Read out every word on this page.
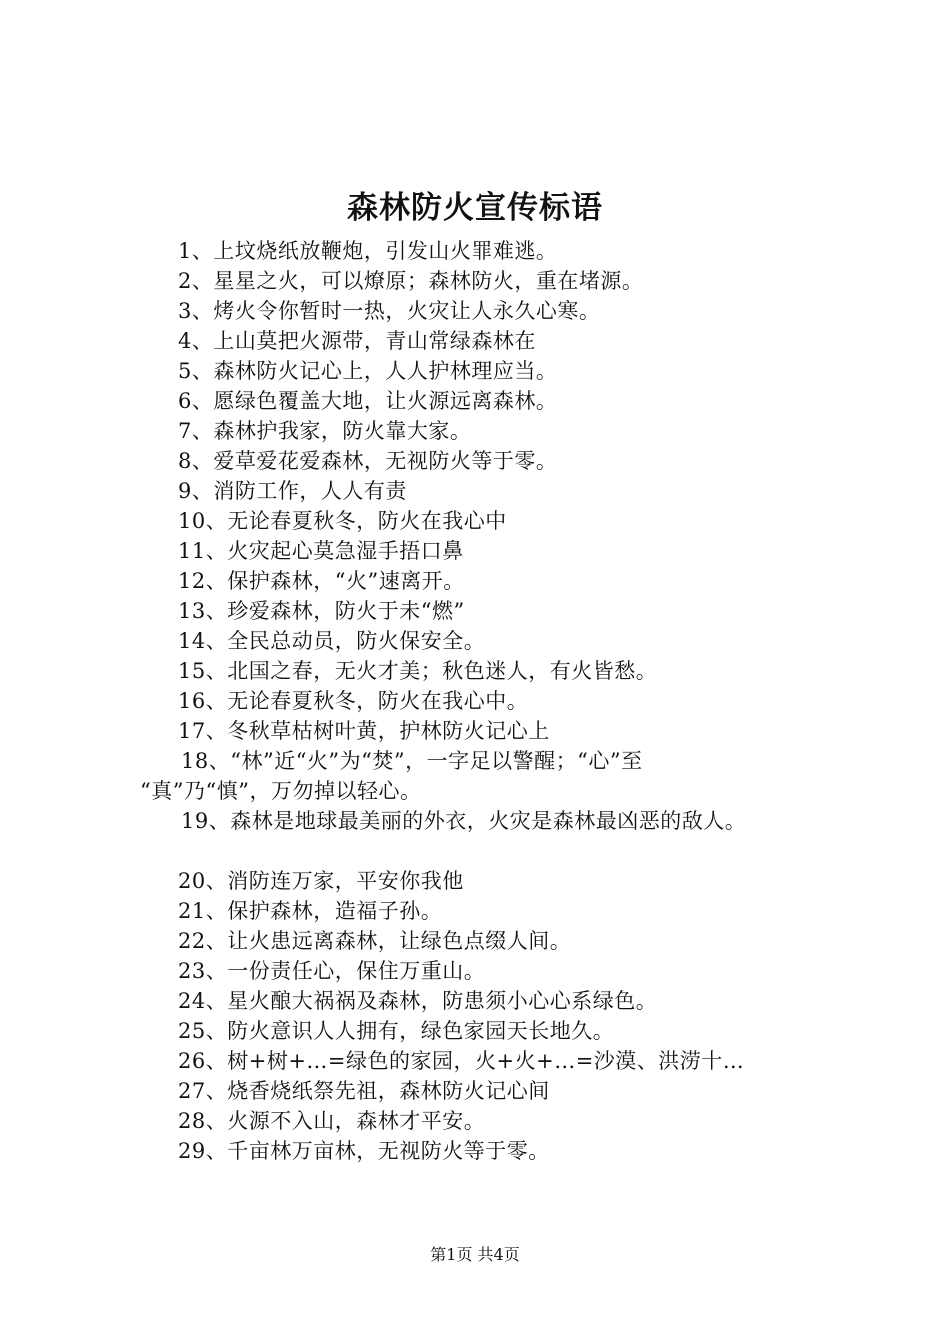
森林防火宣传标语
1、上坟烧纸放鞭炮，引发山火罪难逃。
2、星星之火，可以燎原；森林防火，重在堵源。
3、烤火令你暂时一热，火灾让人永久心寒。
4、上山莫把火源带，青山常绿森林在
5、森林防火记心上，人人护林理应当。
6、愿绿色覆盖大地，让火源远离森林。
7、森林护我家，防火靠大家。
8、爱草爱花爱森林，无视防火等于零。
9、消防工作，人人有责
10、无论春夏秋冬，防火在我心中
11、火灾起心莫急湿手捂口鼻
12、保护森林，“火”速离开。
13、珍爱森林，防火于未“燃”
14、全民总动员，防火保安全。
15、北国之春，无火才美；秋色迷人，有火皆愁。
16、无论春夏秋冬，防火在我心中。
17、冬秋草枯树叶黄，护林防火记心上
18、“林”近“火”为“焚”，一字足以警醒；“心”至
“真”乃“慎”，万勿掉以轻心。
19、森林是地球最美丽的外衣，火灾是森林最凶恶的敌人。
20、消防连万家，平安你我他
21、保护森林，造福子孙。
22、让火患远离森林，让绿色点缀人间。
23、一份责任心，保住万重山。
24、星火酿大祸祸及森林，防患须小心心系绿色。
25、防火意识人人拥有，绿色家园天长地久。
26、树+树+…=绿色的家园，火+火+…=沙漠、洪涝十…
27、烧香烧纸祭先祖，森林防火记心间
28、火源不入山，森林才平安。
29、千亩林万亩林，无视防火等于零。
第1页 共4页
